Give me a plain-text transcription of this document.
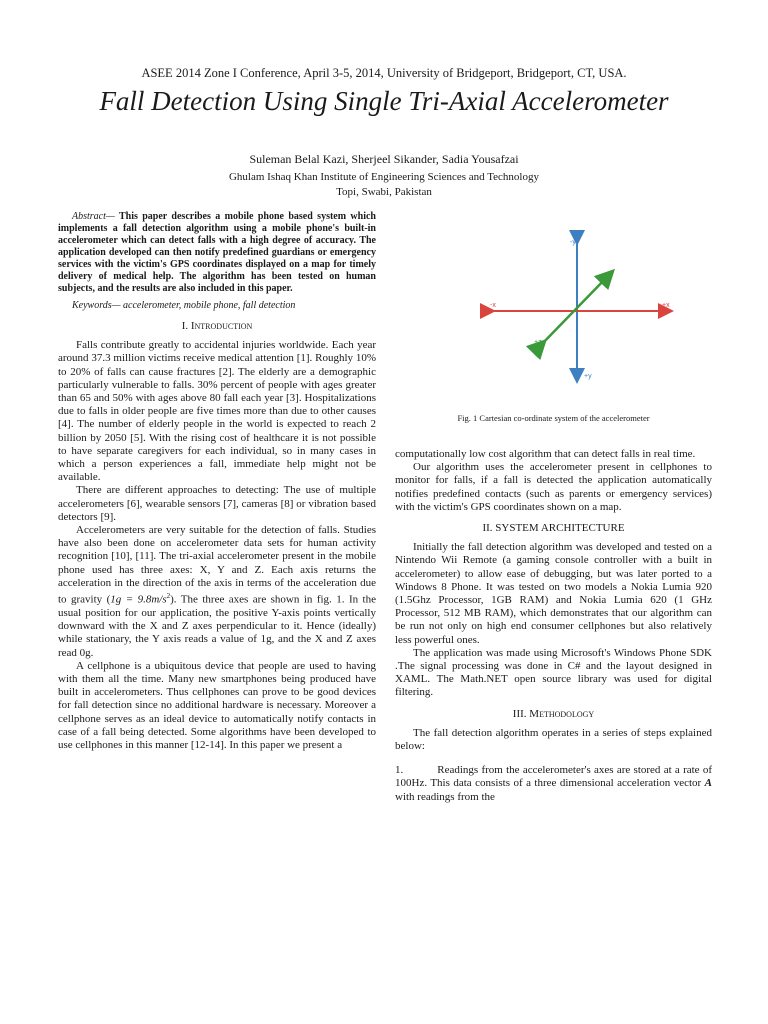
ASEE 2014 Zone I Conference, April 3-5, 2014, University of Bridgeport, Bridgeport, CT, USA.
Fall Detection Using Single Tri-Axial Accelerometer
Suleman Belal Kazi, Sherjeel Sikander, Sadia Yousafzai
Ghulam Ishaq Khan Institute of Engineering Sciences and Technology
Topi, Swabi, Pakistan

Abstract— This paper describes a mobile phone based system which implements a fall detection algorithm using a mobile phone's built-in accelerometer which can detect falls with a high degree of accuracy. The application developed can then notify predefined guardians or emergency services with the victim's GPS coordinates displayed on a map for timely delivery of medical help. The algorithm has been tested on human subjects, and the results are also included in this paper.

Keywords— accelerometer, mobile phone, fall detection

I. Introduction

Falls contribute greatly to accidental injuries worldwide. Each year around 37.3 million victims receive medical attention [1]. Roughly 10% to 20% of falls can cause fractures [2]. The elderly are a demographic particularly vulnerable to falls. 30% percent of people with ages greater than 65 and 50% with ages above 80 fall each year [3]. Hospitalizations due to falls in older people are five times more than due to other causes [4]. The number of elderly people in the world is expected to reach 2 billion by 2050 [5]. With the rising cost of healthcare it is not possible to have separate caregivers for each individual, so in many cases in which a person experiences a fall, immediate help might not be available.

There are different approaches to detecting: The use of multiple accelerometers [6], wearable sensors [7], cameras [8] or vibration based detectors [9].

Accelerometers are very suitable for the detection of falls. Studies have also been done on accelerometer data sets for human activity recognition [10], [11]. The tri-axial accelerometer present in the mobile phone used has three axes: X, Y and Z. Each axis returns the acceleration in the direction of the axis in terms of the acceleration due to gravity $(1g = 9.8m/s^2)$. The three axes are shown in fig. 1. In the usual position for our application, the positive Y-axis points vertically downward with the X and Z axes perpendicular to it. Hence (ideally) while stationary, the Y axis reads a value of 1g, and the X and Z axes read 0g.

A cellphone is a ubiquitous device that people are used to having with them all the time. Many new smartphones being produced have built in accelerometers. Thus cellphones can prove to be good devices for fall detection since no additional hardware is necessary. Moreover a cellphone serves as an ideal device to automatically notify contacts in case of a fall being detected. Some algorithms have been developed to use cellphones in this manner [12-14]. In this paper we present a

-y
+y
-x	+x
-z
+z
Fig. 1 Cartesian co-ordinate system of the accelerometer

computationally low cost algorithm that can detect falls in real time.

Our algorithm uses the accelerometer present in cellphones to monitor for falls, if a fall is detected the application automatically notifies predefined contacts (such as parents or emergency services) with the victim's GPS coordinates shown on a map.

II. SYSTEM ARCHITECTURE

Initially the fall detection algorithm was developed and tested on a Nintendo Wii Remote (a gaming console controller with a built in accelerometer) to allow ease of debugging, but was later ported to a Windows 8 Phone. It was tested on two models a Nokia Lumia 920 (1.5Ghz Processor, 1GB RAM) and Nokia Lumia 620 (1 GHz Processor, 512 MB RAM), which demonstrates that our algorithm can be run not only on high end consumer cellphones but also relatively less powerful ones.

The application was made using Microsoft's Windows Phone SDK .The signal processing was done in C# and the layout designed in XAML. The Math.NET open source library was used for digital filtering.

III. Methodology

The fall detection algorithm operates in a series of steps explained below:

1.	Readings from the accelerometer's axes are stored at a rate of 100Hz. This data consists of a three dimensional acceleration vector A with readings from the
